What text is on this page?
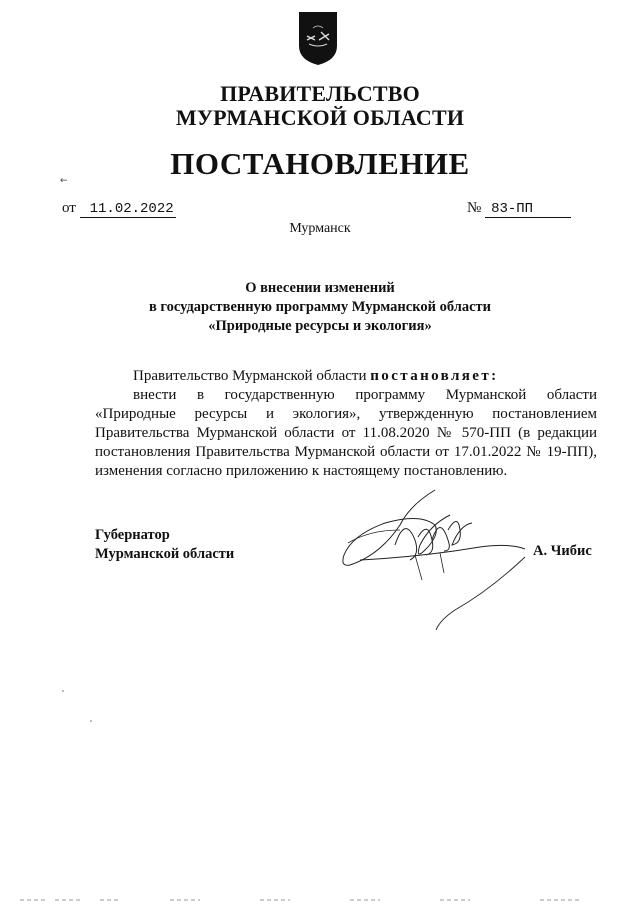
ПРАВИТЕЛЬСТВО
МУРМАНСКОЙ ОБЛАСТИ
ПОСТАНОВЛЕНИЕ
←
от 11.02.2022	№ 83-ПП
Мурманск
О внесении изменений
в государственную программу Мурманской области
«Природные ресурсы и экология»

Правительство Мурманской области постановляет:

внести в государственную программу Мурманской области «Природные ресурсы и экология», утвержденную постановлением Правительства Мурманской области от 11.08.2020 № 570-ПП (в редакции постановления Правительства Мурманской области от 17.01.2022 № 19-ПП), изменения согласно приложению к настоящему постановлению.

Губернатор
Мурманской области	А. Чибис
